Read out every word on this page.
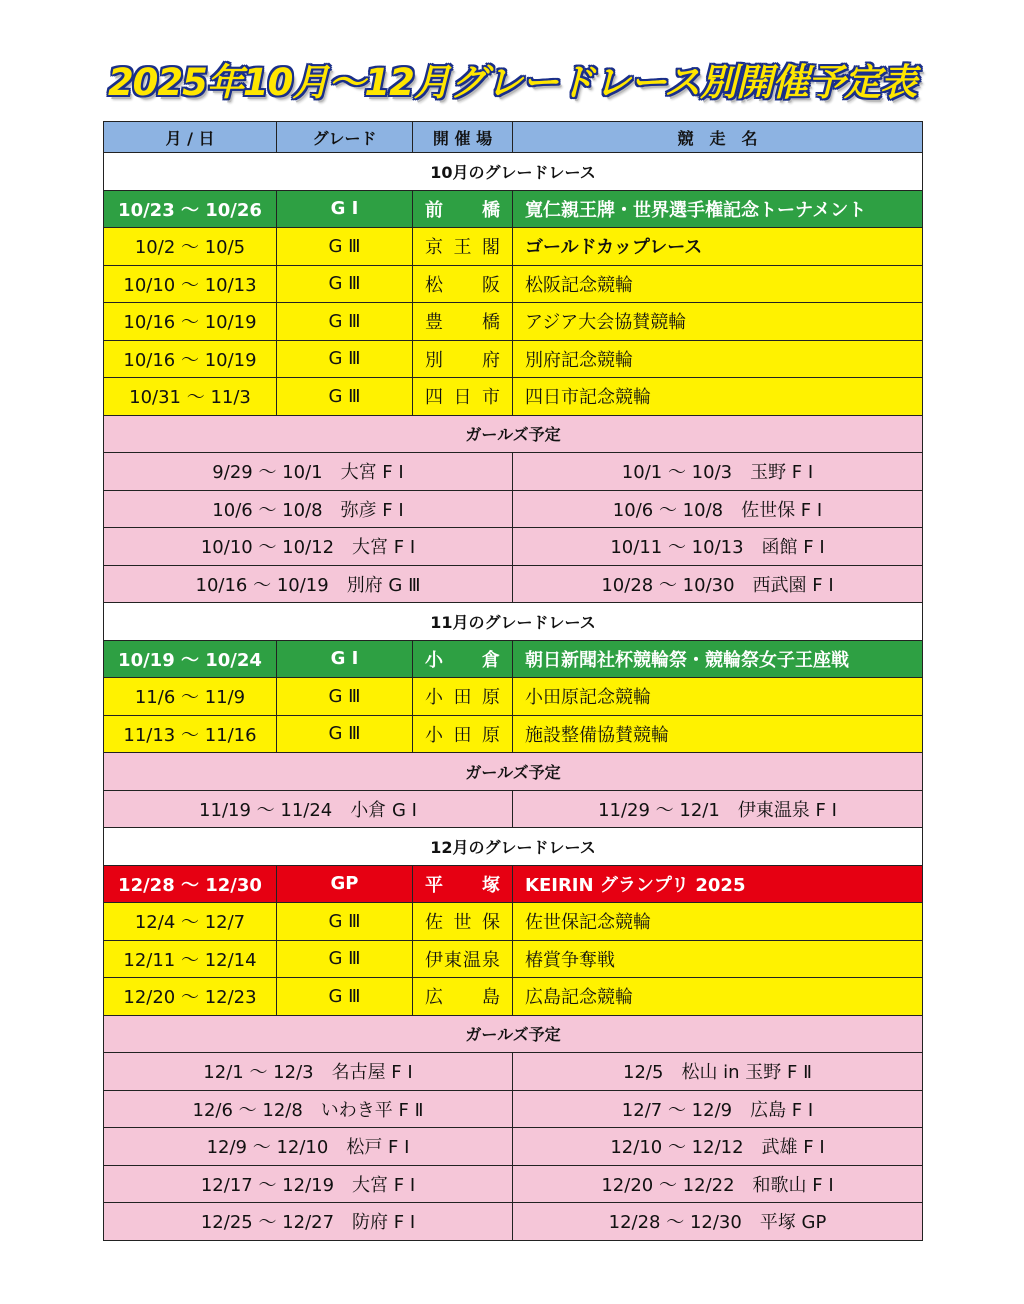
2025年10月～12月グレードレース別開催予定表
月 / 日	グレード	開 催 場	競　走　名
10月のグレードレース			
10/23 ～ 10/26	G Ⅰ	前橋	寛仁親王牌・世界選手権記念トーナメント
10/2 ～ 10/5	G Ⅲ	京王閣	ゴールドカップレース
10/10 ～ 10/13	G Ⅲ	松阪	松阪記念競輪
10/16 ～ 10/19	G Ⅲ	豊橋	アジア大会協賛競輪
10/16 ～ 10/19	G Ⅲ	別府	別府記念競輪
10/31 ～ 11/3	G Ⅲ	四日市	四日市記念競輪
ガールズ予定			
9/29 ～ 10/1　大宮 F Ⅰ			10/1 ～ 10/3　玉野 F Ⅰ
10/6 ～ 10/8　弥彦 F Ⅰ			10/6 ～ 10/8　佐世保 F Ⅰ
10/10 ～ 10/12　大宮 F Ⅰ			10/11 ～ 10/13　函館 F Ⅰ
10/16 ～ 10/19　別府 G Ⅲ			10/28 ～ 10/30　西武園 F Ⅰ
11月のグレードレース			
10/19 ～ 10/24	G Ⅰ	小倉	朝日新聞社杯競輪祭・競輪祭女子王座戦
11/6 ～ 11/9	G Ⅲ	小田原	小田原記念競輪
11/13 ～ 11/16	G Ⅲ	小田原	施設整備協賛競輪
ガールズ予定			
11/19 ～ 11/24　小倉 G Ⅰ			11/29 ～ 12/1　伊東温泉 F Ⅰ
12月のグレードレース			
12/28 ～ 12/30	GP	平塚	KEIRIN グランプリ 2025
12/4 ～ 12/7	G Ⅲ	佐世保	佐世保記念競輪
12/11 ～ 12/14	G Ⅲ	伊東温泉	椿賞争奪戦
12/20 ～ 12/23	G Ⅲ	広島	広島記念競輪
ガールズ予定			
12/1 ～ 12/3　名古屋 F Ⅰ			12/5　松山 in 玉野 F Ⅱ
12/6 ～ 12/8　いわき平 F Ⅱ			12/7 ～ 12/9　広島 F Ⅰ
12/9 ～ 12/10　松戸 F Ⅰ			12/10 ～ 12/12　武雄 F Ⅰ
12/17 ～ 12/19　大宮 F Ⅰ			12/20 ～ 12/22　和歌山 F Ⅰ
12/25 ～ 12/27　防府 F Ⅰ			12/28 ～ 12/30　平塚 GP
